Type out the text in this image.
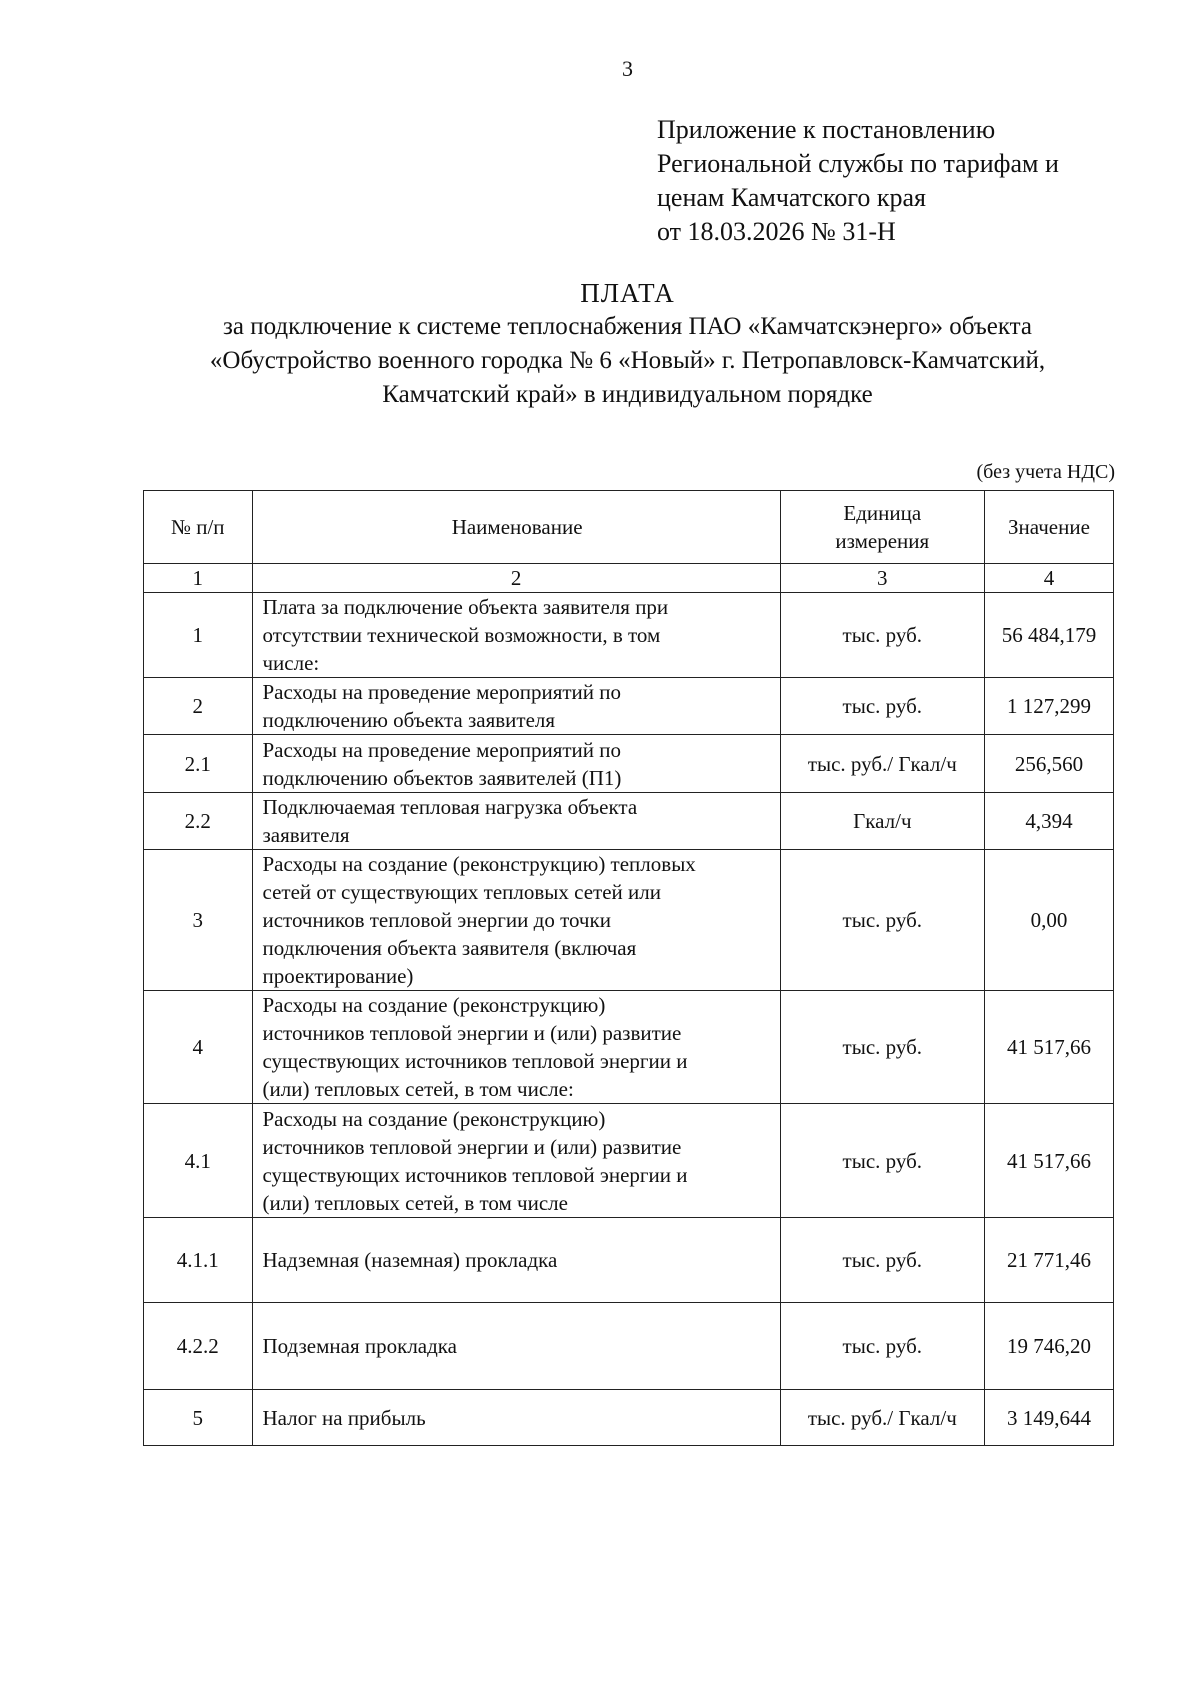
3
Приложение к постановлению
Региональной службы по тарифам и
ценам Камчатского края
от 18.03.2026 № 31-Н
ПЛАТА
за подключение к системе теплоснабжения ПАО «Камчатскэнерго» объекта
«Обустройство военного городка № 6 «Новый» г. Петропавловск-Камчатский,
Камчатский край» в индивидуальном порядке
(без учета НДС)
№ п/п	Наименование	Единица
измерения	Значение
1	2	3	4
1	Плата за подключение объекта заявителя при
отсутствии технической возможности, в том
числе:	тыс. руб.	56 484,179
2	Расходы на проведение мероприятий по
подключению объекта заявителя	тыс. руб.	1 127,299
2.1	Расходы на проведение мероприятий по
подключению объектов заявителей (П1)	тыс. руб./ Гкал/ч	256,560
2.2	Подключаемая тепловая нагрузка объекта
заявителя	Гкал/ч	4,394
3	Расходы на создание (реконструкцию) тепловых
сетей от существующих тепловых сетей или
источников тепловой энергии до точки
подключения объекта заявителя (включая
проектирование)	тыс. руб.	0,00
4	Расходы на создание (реконструкцию)
источников тепловой энергии и (или) развитие
существующих источников тепловой энергии и
(или) тепловых сетей, в том числе:	тыс. руб.	41 517,66
4.1	Расходы на создание (реконструкцию)
источников тепловой энергии и (или) развитие
существующих источников тепловой энергии и
(или) тепловых сетей, в том числе	тыс. руб.	41 517,66
4.1.1	Надземная (наземная) прокладка	тыс. руб.	21 771,46
4.2.2	Подземная прокладка	тыс. руб.	19 746,20
5	Налог на прибыль	тыс. руб./ Гкал/ч	3 149,644
